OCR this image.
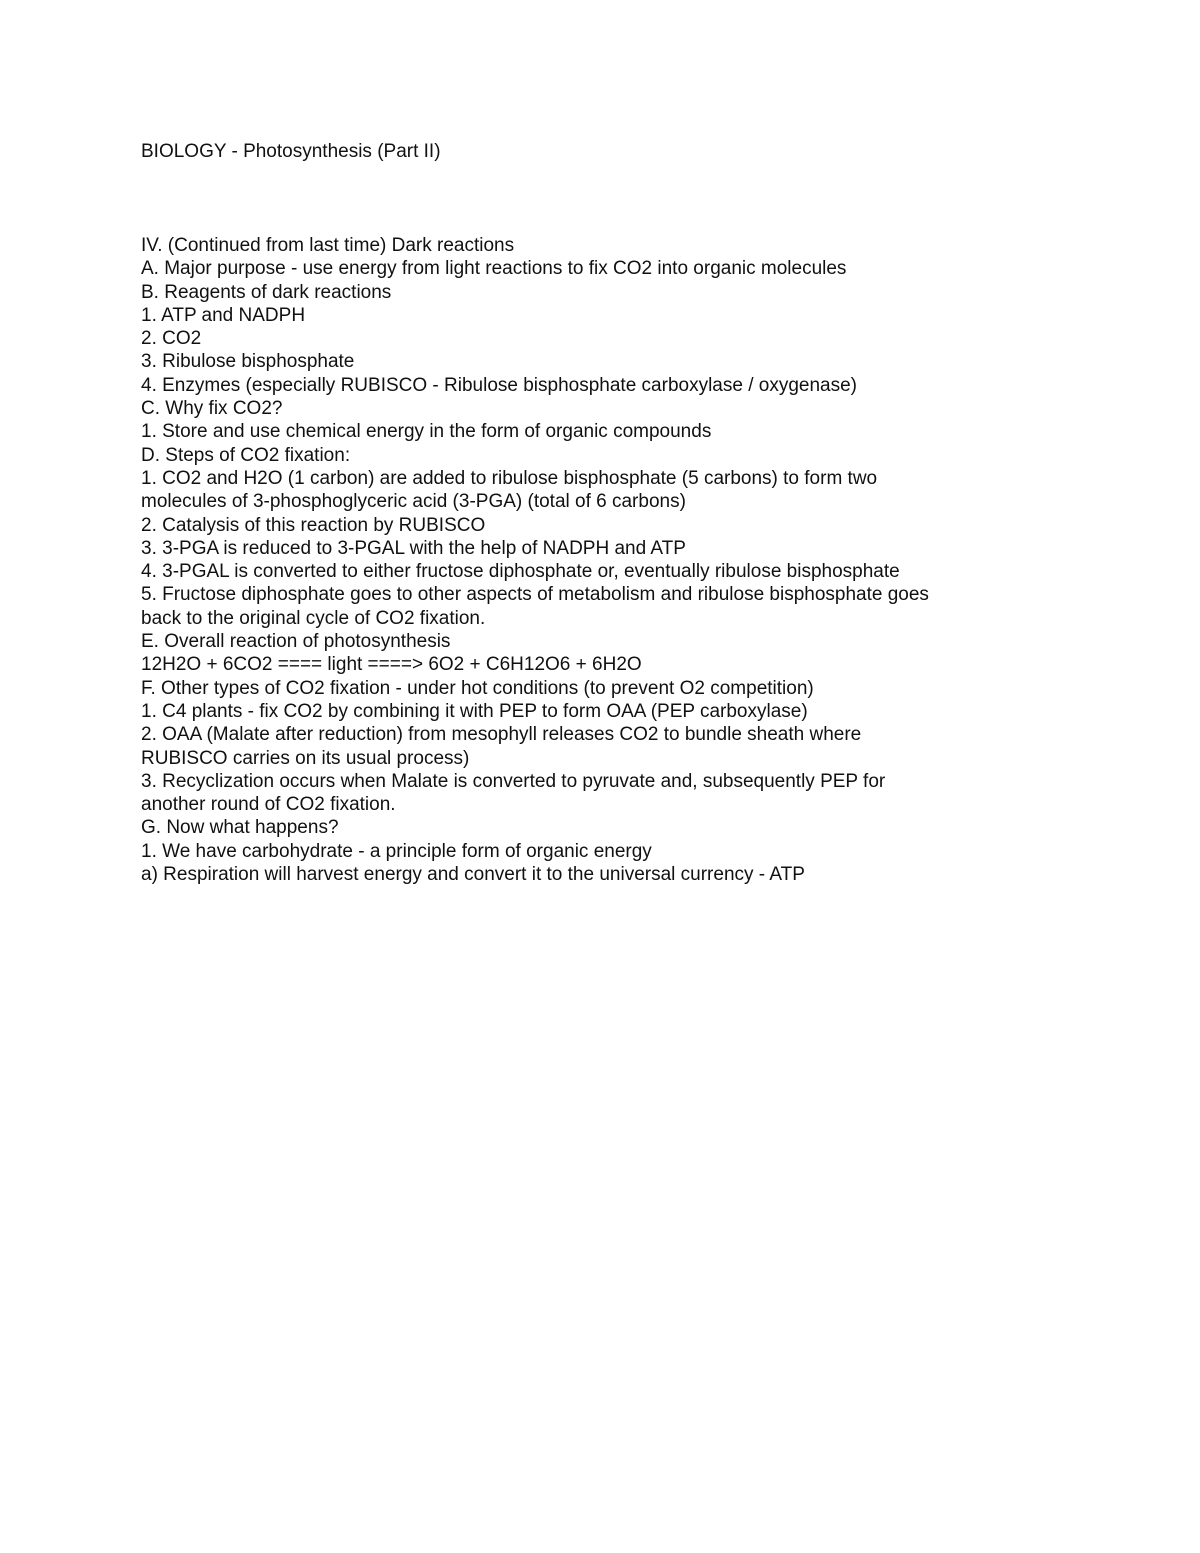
BIOLOGY - Photosynthesis (Part II)
IV. (Continued from last time) Dark reactions
A. Major purpose - use energy from light reactions to fix CO2 into organic molecules
B. Reagents of dark reactions
1. ATP and NADPH
2. CO2
3. Ribulose bisphosphate
4. Enzymes (especially RUBISCO - Ribulose bisphosphate carboxylase / oxygenase)
C. Why fix CO2?
1. Store and use chemical energy in the form of organic compounds
D. Steps of CO2 fixation:
1. CO2 and H2O (1 carbon) are added to ribulose bisphosphate (5 carbons) to form two
molecules of 3-phosphoglyceric acid (3-PGA) (total of 6 carbons)
2. Catalysis of this reaction by RUBISCO
3. 3-PGA is reduced to 3-PGAL with the help of NADPH and ATP
4. 3-PGAL is converted to either fructose diphosphate or, eventually ribulose bisphosphate
5. Fructose diphosphate goes to other aspects of metabolism and ribulose bisphosphate goes
back to the original cycle of CO2 fixation.
E. Overall reaction of photosynthesis
12H2O + 6CO2 ==== light ====> 6O2 + C6H12O6 + 6H2O
F. Other types of CO2 fixation - under hot conditions (to prevent O2 competition)
1. C4 plants - fix CO2 by combining it with PEP to form OAA (PEP carboxylase)
2. OAA (Malate after reduction) from mesophyll releases CO2 to bundle sheath where
RUBISCO carries on its usual process)
3. Recyclization occurs when Malate is converted to pyruvate and, subsequently PEP for
another round of CO2 fixation.
G. Now what happens?
1. We have carbohydrate - a principle form of organic energy
a) Respiration will harvest energy and convert it to the universal currency - ATP
